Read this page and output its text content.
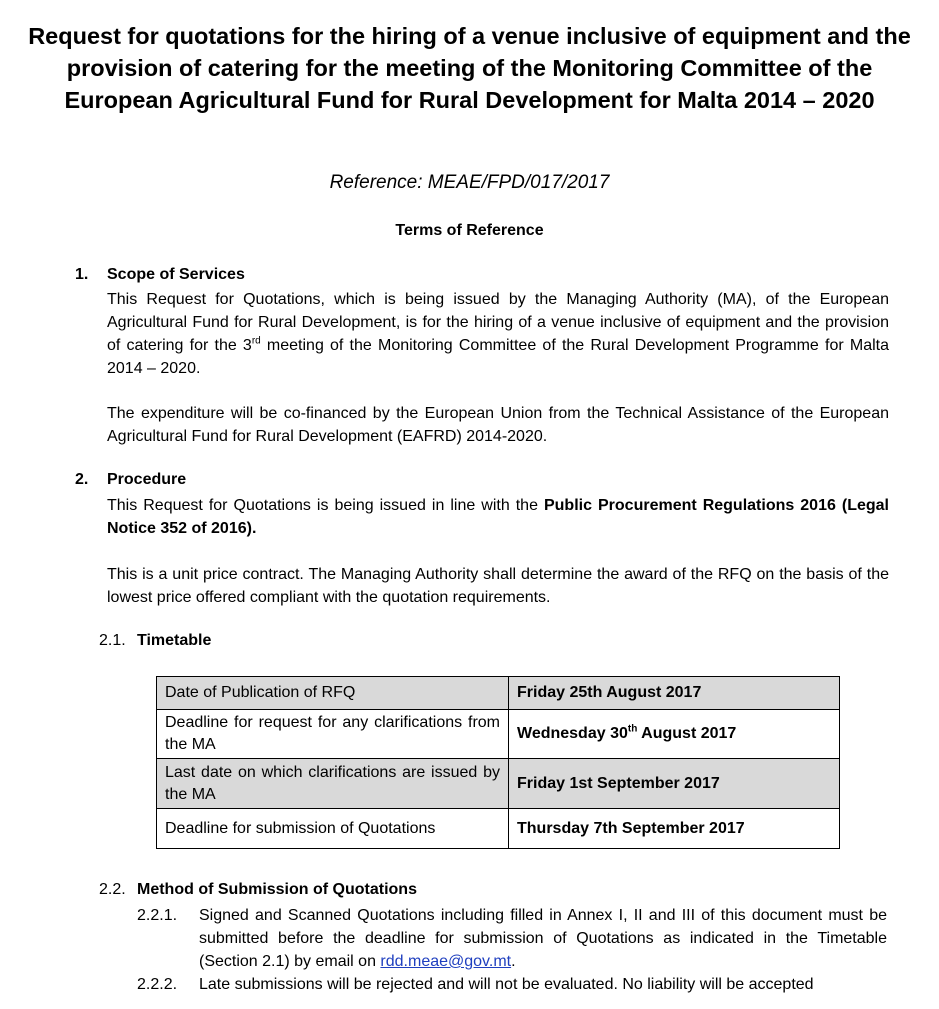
Request for quotations for the hiring of a venue inclusive of equipment and the provision of catering for the meeting of the Monitoring Committee of the European Agricultural Fund for Rural Development for Malta 2014 – 2020

Reference: MEAE/FPD/017/2017

Terms of Reference

1. Scope of Services

This Request for Quotations, which is being issued by the Managing Authority (MA), of the European Agricultural Fund for Rural Development, is for the hiring of a venue inclusive of equipment and the provision of catering for the 3rd meeting of the Monitoring Committee of the Rural Development Programme for Malta 2014 – 2020.

The expenditure will be co-financed by the European Union from the Technical Assistance of the European Agricultural Fund for Rural Development (EAFRD) 2014-2020.

2. Procedure

This Request for Quotations is being issued in line with the Public Procurement Regulations 2016 (Legal Notice 352 of 2016).

This is a unit price contract. The Managing Authority shall determine the award of the RFQ on the basis of the lowest price offered compliant with the quotation requirements.

2.1. Timetable
Date of Publication of RFQ	Friday 25th August 2017
Deadline for request for any clarifications from the MA	Wednesday 30th August 2017
Last date on which clarifications are issued by the MA	Friday 1st September 2017
Deadline for submission of Quotations	Thursday 7th September 2017
2.2. Method of Submission of Quotations
2.2.1. Signed and Scanned Quotations including filled in Annex I, II and III of this document must be submitted before the deadline for submission of Quotations as indicated in the Timetable (Section 2.1) by email on rdd.meae@gov.mt.
2.2.2. Late submissions will be rejected and will not be evaluated. No liability will be accepted
